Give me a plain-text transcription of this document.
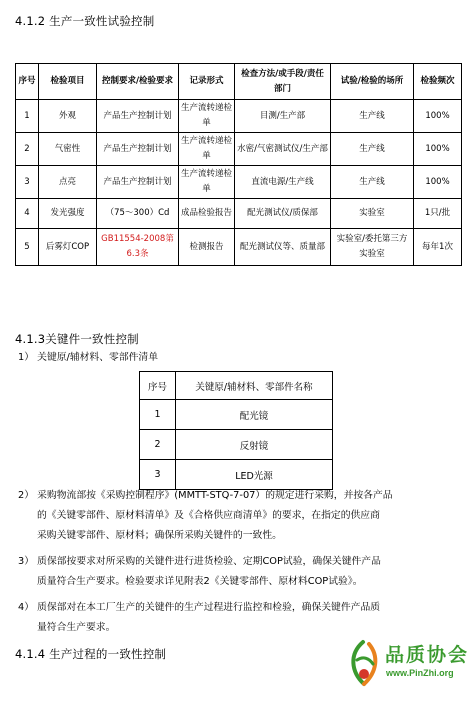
4.1.2 生产一致性试验控制
序号	检验项目	控制要求/检验要求	记录形式	检查方法/或手段/责任部门	试验/检验的场所	检验频次
1	外观	产品生产控制计划	生产流转递检单	目测/生产部	生产线	100%
2	气密性	产品生产控制计划	生产流转递检单	水密/气密测试仪/生产部	生产线	100%
3	点亮	产品生产控制计划	生产流转递检单	直流电源/生产线	生产线	100%
4	发光强度	（75～300）Cd	成品检验报告	配光测试仪/质保部	实验室	1只/批
5	后雾灯COP	GB11554-2008第6.3条	检测报告	配光测试仪等、质量部	实验室/委托第三方实验室	每年1次
4.1.3关键件一致性控制
1） 关键原/辅材料、零部件清单
序号	关键原/辅材料、零部件名称
1	配光镜
2	反射镜
3	LED光源
2） 采购物流部按《采购控制程序》(MMTT-STQ-7-07）的规定进行采购，并按各产品
的《关键零部件、原材料清单》及《合格供应商清单》的要求，在指定的供应商
采购关键零部件、原材料；确保所采购关键件的一致性。
3） 质保部按要求对所采购的关键件进行进货检验、定期COP试验，确保关键件产品
质量符合生产要求。检验要求详见附表2《关键零部件、原材料COP试验》。
4） 质保部对在本工厂生产的关键件的生产过程进行监控和检验，确保关键件产品质
量符合生产要求。
4.1.4 生产过程的一致性控制	品质协会
www.PinZhi.org
